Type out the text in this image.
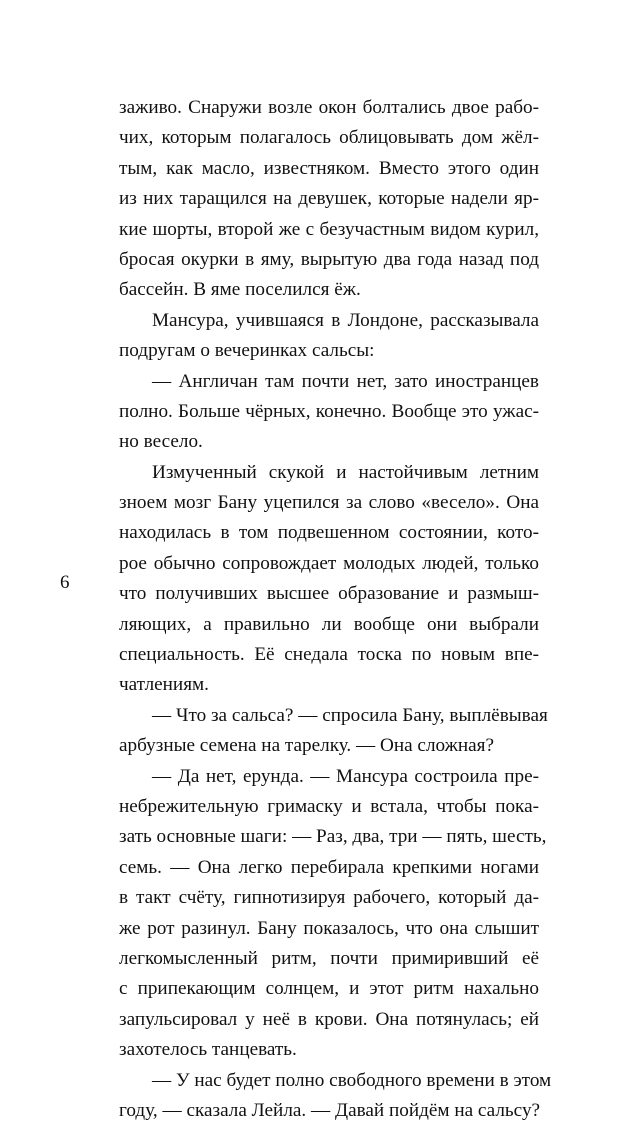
заживо. Снаружи возле окон болтались двое рабо-
чих, которым полагалось облицовывать дом жёл-
тым, как масло, известняком. Вместо этого один
из них таращился на девушек, которые надели яр-
кие шорты, второй же с безучастным видом курил,
бросая окурки в яму, вырытую два года назад под
бассейн. В яме поселился ёж.
Мансура, учившаяся в Лондоне, рассказывала
подругам о вечеринках сальсы:
— Англичан там почти нет, зато иностранцев
полно. Больше чёрных, конечно. Вообще это ужас-
но весело.
Измученный скукой и настойчивым летним
зноем мозг Бану уцепился за слово «весело». Она
находилась в том подвешенном состоянии, кото-
рое обычно сопровождает молодых людей, только
что получивших высшее образование и размыш-
ляющих, а правильно ли вообще они выбрали
специальность. Её снедала тоска по новым впе-
чатлениям.
— Что за сальса? — спросила Бану, выплёвывая
арбузные семена на тарелку. — Она сложная?
— Да нет, ерунда. — Мансура состроила пре-
небрежительную гримаску и встала, чтобы пока-
зать основные шаги: — Раз, два, три — пять, шесть,
семь. — Она легко перебирала крепкими ногами
в такт счёту, гипнотизируя рабочего, который да-
же рот разинул. Бану показалось, что она слышит
легкомысленный ритм, почти примиривший её
с припекающим солнцем, и этот ритм нахально
запульсировал у неё в крови. Она потянулась; ей
захотелось танцевать.
— У нас будет полно свободного времени в этом
году, — сказала Лейла. — Давай пойдём на сальсу?
6
